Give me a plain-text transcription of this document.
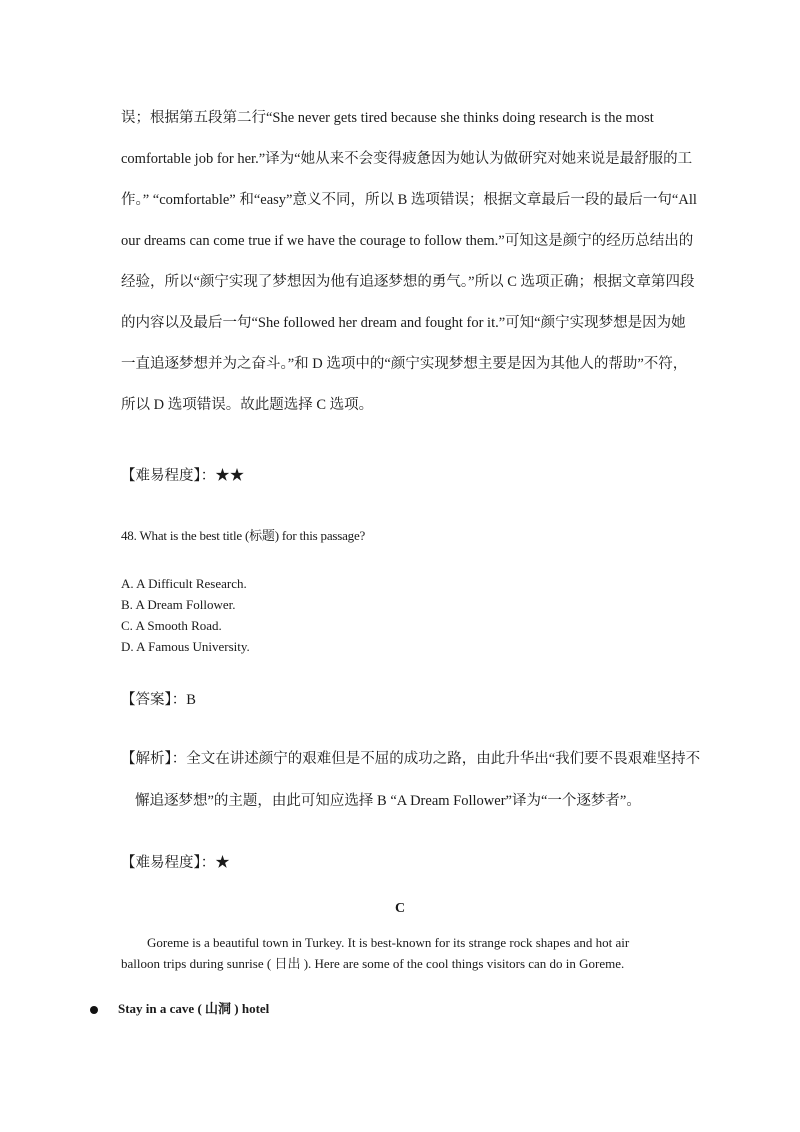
误；根据第五段第二行“She never gets tired because she thinks doing research is the most
comfortable job for her.”译为“她从来不会变得疲惫因为她认为做研究对她来说是最舒服的工
作。” “comfortable” 和“easy”意义不同，所以 B 选项错误；根据文章最后一段的最后一句“All
our dreams can come true if we have the courage to follow them.”可知这是颜宁的经历总结出的
经验，所以“颜宁实现了梦想因为他有追逐梦想的勇气。”所以 C 选项正确；根据文章第四段
的内容以及最后一句“She followed her dream and fought for it.”可知“颜宁实现梦想是因为她
一直追逐梦想并为之奋斗。”和 D 选项中的“颜宁实现梦想主要是因为其他人的帮助”不符，
所以 D 选项错误。故此题选择 C 选项。
【难易程度】：★★
48. What is the best title (标题) for this passage?
A. A Difficult Research.
B. A Dream Follower.
C. A Smooth Road.
D. A Famous University.
【答案】：B
【解析】：全文在讲述颜宁的艰难但是不屈的成功之路，由此升华出“我们要不畏艰难坚持不
懈追逐梦想”的主题，由此可知应选择 B “A Dream Follower”译为“一个逐梦者”。
【难易程度】：★
C
Goreme is a beautiful town in Turkey. It is best-known for its strange rock shapes and hot air
balloon trips during sunrise ( 日出 ). Here are some of the cool things visitors can do in Goreme.
Stay in a cave ( 山洞 ) hotel
